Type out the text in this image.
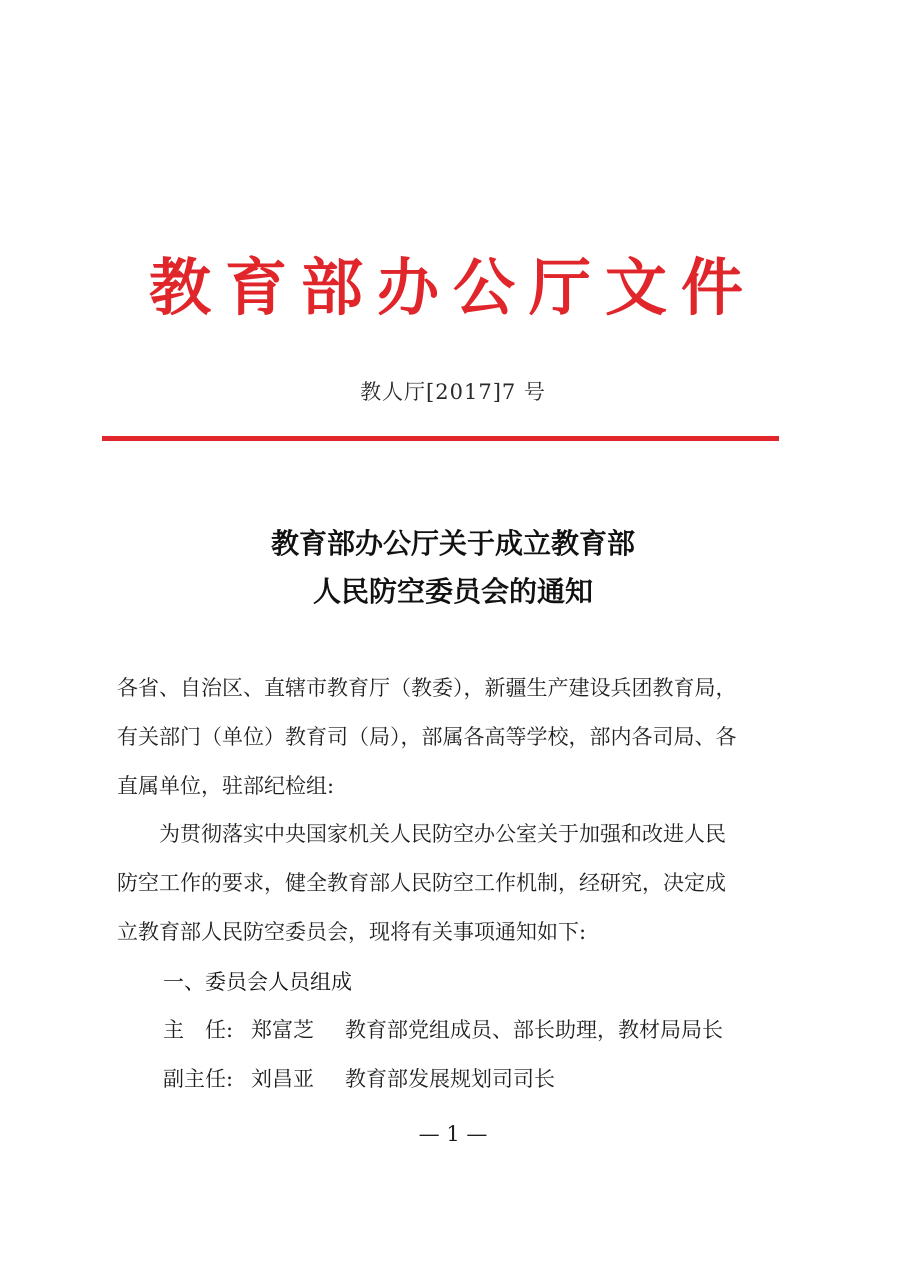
教育部办公厅文件
教人厅[2017]7 号
教育部办公厅关于成立教育部
人民防空委员会的通知
各省、自治区、直辖市教育厅（教委），新疆生产建设兵团教育局，
有关部门（单位）教育司（局），部属各高等学校，部内各司局、各
直属单位，驻部纪检组:
　　为贯彻落实中央国家机关人民防空办公室关于加强和改进人民
防空工作的要求，健全教育部人民防空工作机制，经研究，决定成
立教育部人民防空委员会，现将有关事项通知如下:
一、委员会人员组成
主　任: 郑富芝 教育部党组成员、部长助理，教材局局长
副主任: 刘昌亚 教育部发展规划司司长
— 1 —
